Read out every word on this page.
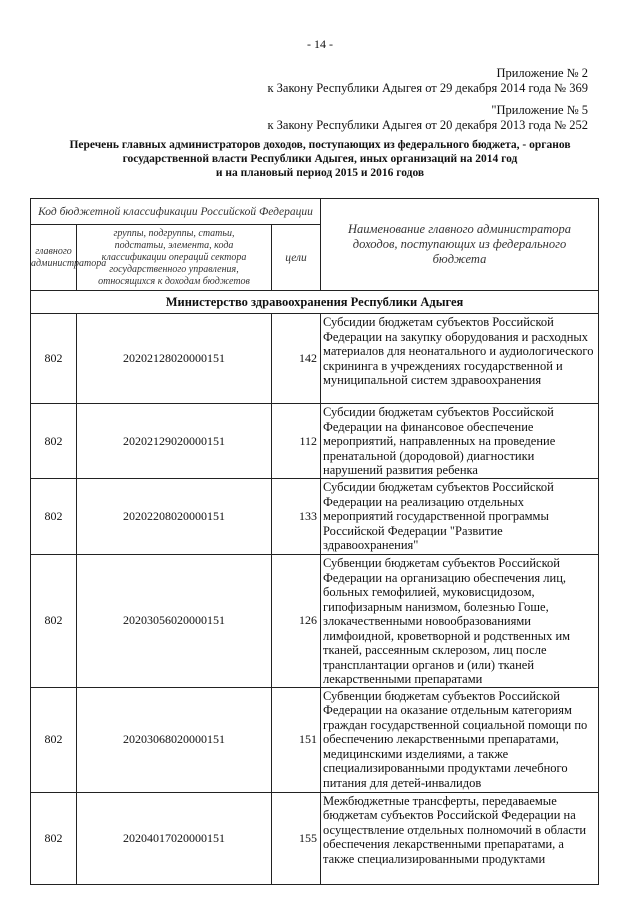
- 14 -
Приложение № 2
к Закону Республики Адыгея от 29 декабря 2014 года № 369
"Приложение № 5
к Закону Республики Адыгея от 20 декабря 2013 года № 252
Перечень главных администраторов доходов, поступающих из федерального бюджета, - органов
государственной власти Республики Адыгея, иных организаций на 2014 год
и на плановый период 2015 и 2016 годов
Код бюджетной классификации Российской Федерации			Наименование главного администратора доходов, поступающих из федерального бюджета
главного администратора	группы, подгруппы, статьи, подстатьи, элемента, кода классификации операций сектора государственного управления, относящихся к доходам бюджетов	цели	
Министерство здравоохранения Республики Адыгея			
802	20202128020000151	142	Субсидии бюджетам субъектов Российской Федерации на закупку оборудования и расходных материалов для неонатального и аудиологического скрининга в учреждениях государственной и муниципальной систем здравоохранения
802	20202129020000151	112	Субсидии бюджетам субъектов Российской Федерации на финансовое обеспечение мероприятий, направленных на проведение пренатальной (дородовой) диагностики нарушений развития ребенка
802	20202208020000151	133	Субсидии бюджетам субъектов Российской Федерации на реализацию отдельных мероприятий государственной программы Российской Федерации "Развитие здравоохранения"
802	20203056020000151	126	Субвенции бюджетам субъектов Российской Федерации на организацию обеспечения лиц, больных гемофилией, муковисцидозом, гипофизарным нанизмом, болезнью Гоше, злокачественными новообразованиями лимфоидной, кроветворной и родственных им тканей, рассеянным склерозом, лиц после трансплантации органов и (или) тканей лекарственными препаратами
802	20203068020000151	151	Субвенции бюджетам субъектов Российской Федерации на оказание отдельным категориям граждан государственной социальной помощи по обеспечению лекарственными препаратами, медицинскими изделиями, а также специализированными продуктами лечебного питания для детей-инвалидов
802	20204017020000151	155	Межбюджетные трансферты, передаваемые бюджетам субъектов Российской Федерации на осуществление отдельных полномочий в области обеспечения лекарственными препаратами, а также специализированными продуктами
